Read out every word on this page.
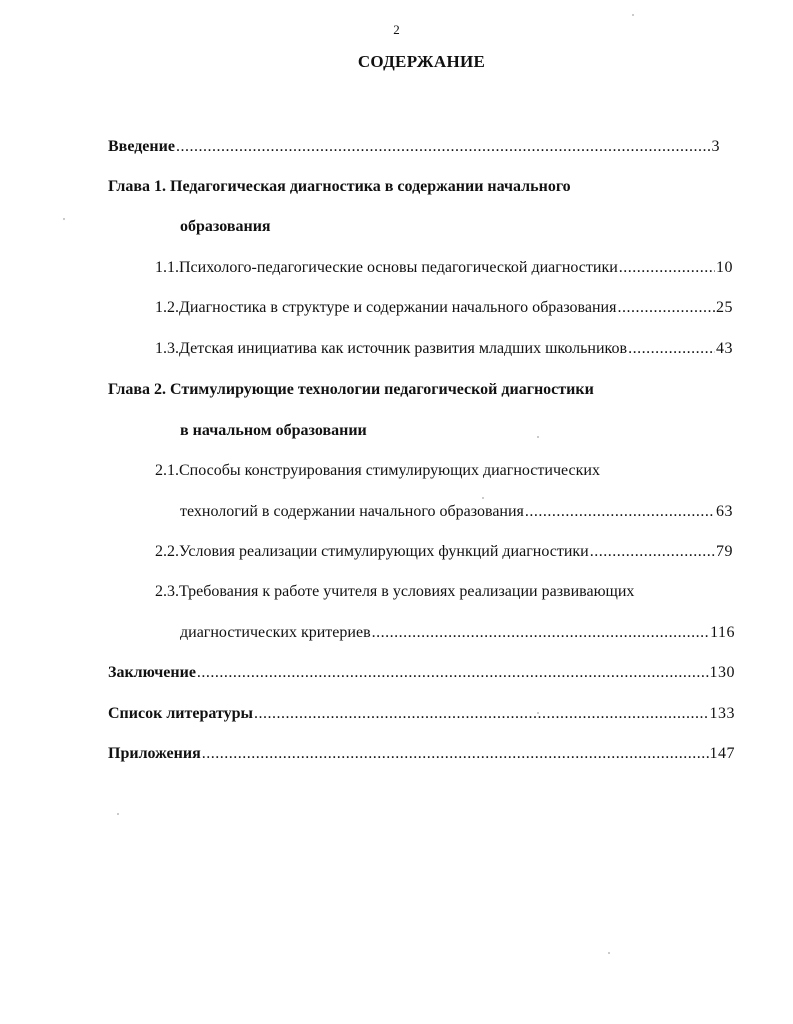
2
СОДЕРЖАНИЕ
Введение .....	3
Глава 1. Педагогическая диагностика в содержании начального
образования
1.1.Психолого-педагогические основы педагогической диагностики .....	10
1.2.Диагностика в структуре и содержании начального образования .....	25
1.3.Детская инициатива как источник развития младших школьников .....	43
Глава 2. Стимулирующие технологии педагогической диагностики
в начальном образовании
2.1.Способы конструирования стимулирующих диагностических
технологий в содержании начального образования .....	63
2.2.Условия реализации стимулирующих функций диагностики .....	79
2.3.Требования к работе учителя в условиях реализации развивающих
диагностических критериев .....	116
Заключение .....	130
Список литературы .....	133
Приложения .....	147
